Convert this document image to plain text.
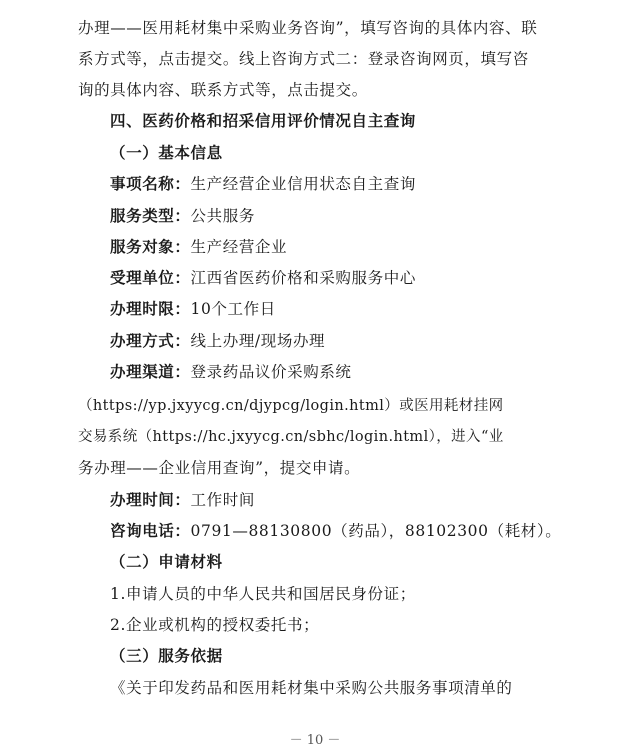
办理——医用耗材集中采购业务咨询”，填写咨询的具体内容、联
系方式等，点击提交。线上咨询方式二：登录咨询网页，填写咨
询的具体内容、联系方式等，点击提交。
四、医药价格和招采信用评价情况自主查询
（一）基本信息
事项名称：生产经营企业信用状态自主查询
服务类型：公共服务
服务对象：生产经营企业
受理单位：江西省医药价格和采购服务中心
办理时限：10个工作日
办理方式：线上办理/现场办理
办理渠道：登录药品议价采购系统
（https://yp.jxyycg.cn/djypcg/login.html）或医用耗材挂网
交易系统（https://hc.jxyycg.cn/sbhc/login.html），进入“业
务办理——企业信用查询”，提交申请。
办理时间：工作时间
咨询电话：0791—88130800（药品），88102300（耗材）。
（二）申请材料
1.申请人员的中华人民共和国居民身份证；
2.企业或机构的授权委托书；
（三）服务依据
《关于印发药品和医用耗材集中采购公共服务事项清单的
－ 10 －
